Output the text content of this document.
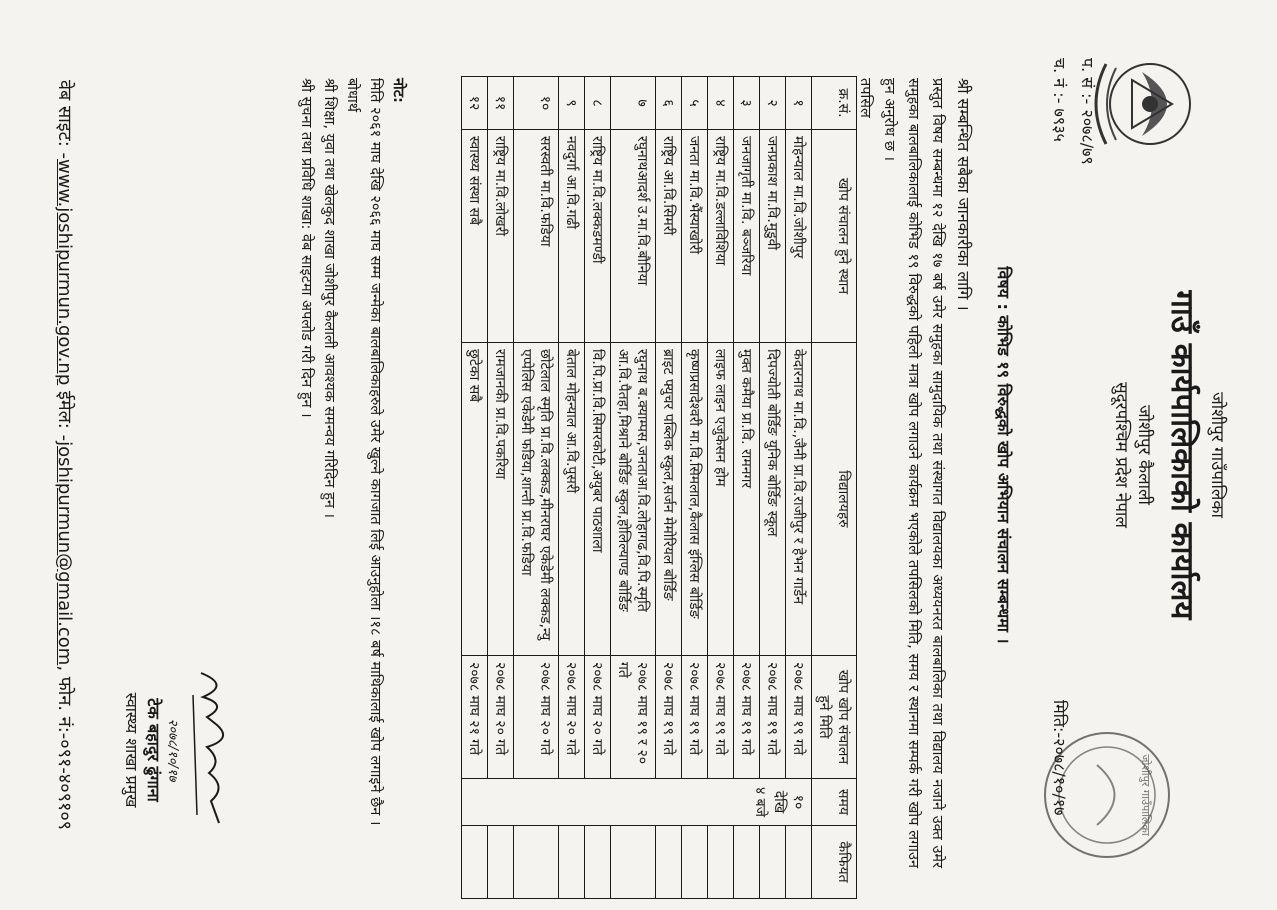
जोशीपुर गाउँपालिका
जोशीपुर गाउँपालिका
गाउँ कार्यपालिकाको कार्यालय
जोशीपुर कैलाली
सुदूरपश्चिम प्रदेश नेपाल
प. सं :- २०७८/७९
च. नं :- ७९३५
मिति:-२०७८/१०/१७
विषय : कोभिड १९ विरुद्धको खोप अभियान संचालन सम्बन्धमा ।
श्री सम्बन्धित सबैका जानकारीका लागि ।
प्रस्तुत विषय सम्बन्धमा १२ देखि १७ बर्ष उमेर समुहका सामुदायिक तथा संस्थागत विद्यालयका अध्ययनरत बालबालिका तथा विद्यालय नजाने उक्त उमेर समुहका बालबालिकालाई कोभिड १९ विरुद्धको पहिलो मात्रा खोप लगाउने कार्यक्रम भएकोले तपसिलको मिति, समय र स्थानमा सम्पर्क गरी खोप लगाउन हुन अनुरोध छ ।
तपसिल
क्र.सं.	खोप संचालन हुने स्थान	विद्यालयहरु	खोप खोप संचालन हुने मिति	समय	कैफियत
१	मोहन्याल मा.वि.जोशीपुर	केदारनाथ मा.वि.,जैनी प्रा.वि.राजीपुर र हेभन गार्डेन	२०७८ माघ १९ गते	१० देखि ४ बजे	
२	जनप्रकाश मा.वि.मुडुवी	दिपज्योती बोर्डिङ युनिक बोर्डिङ स्कूल	२०७८ माघ १९ गते		
३	जनजागृती मा.वि. बञ्जरिया	मुक्त कमैया प्रा.वि. रामनगर	२०७८ माघ १९ गते		
४	राष्ट्रिय मा.वि.डल्लाविशिया	लाइफ लाइन एजुकेसन होम	२०७८ माघ १९ गते		
५	जनता मा.वि.भैंस्याखोरी	कृष्णप्रसादेश्वरी मा.वि.सिमलाल,कैलास इंग्लिस बोर्डिङ	२०७८ माघ १९ गते		
६	राष्ट्रिय आ.वि.सिमरी	ब्राइट फ्युचर पब्लिक स्कुल,सर्जन मेमोरियल बोर्डिङ	२०७८ माघ १९ गते		
७	रघुनाथआदर्श उ.मा.वि.बौनिया	रघुनाथ ब.क्याम्पस,जनताआ.वि.लोहागढ,वि.पि.स्मृति आ.वि.पैतहा,मिश्राने बोर्डिङ स्कुल,होलिल्याण्ड बोर्डिङ	२०७८ माघ १९ र २० गते		
८	राष्ट्रिय मा.वि.लक्कडमण्डी	वि.पि.प्रा.वि.सिमरकोटी,अयुबर पाठशाला	२०७८ माघ २० गते		
९	नवदुर्गा आ.वि.गढी	बेताल मोहन्याल आ.वि.पुसरी	२०७८ माघ २० गते		
१०	सरस्वती मा.वि.फडिया	छोटेलाल स्मृति प्रा.वि.लक्कड,मीनराघर एकेडेमी लक्कड,न्यु एप्पेलिस एकेडेमी फडिया,शान्ती प्रा.वि.फडिया	२०७८ माघ २० गते		
११	राष्ट्रिय मा.वि.लोखरी	रामजानकी प्रा.वि.पकरिया	२०७८ माघ २० गते		
१२	स्वास्थ्य संस्था सबै	छुटेका सबै	२०७८ माघ २१ गते		
नोट:
मिति २०६१ माघ देखि २०६६ माघ सम्म जन्मेका बालबालिकाहरुले उमेर खुल्ने कागजात लिई आउनुहोला ।१८ बर्ष माथिकालाई खोप लगाइने छैन ।
बोधार्थ
श्री शिक्षा, युवा तथा खेलकुद शाखा जोशीपुर कैलाली आवश्यक समन्वय गरिदिन हुन ।
श्री सुचना तथा प्रविधि शाखा: वेब साइटमा अपलोड गरी दिन हुन ।
२०७८/१०/१७
टेक बहादुर ढुंगाना
स्वास्थ्य शाखा प्रमुख
वेब साइट: -www.joshipurmun.gov.np ईमेल: -joshipurmun@gmail.com, फोन. नं:-०९१-४०९१०९
